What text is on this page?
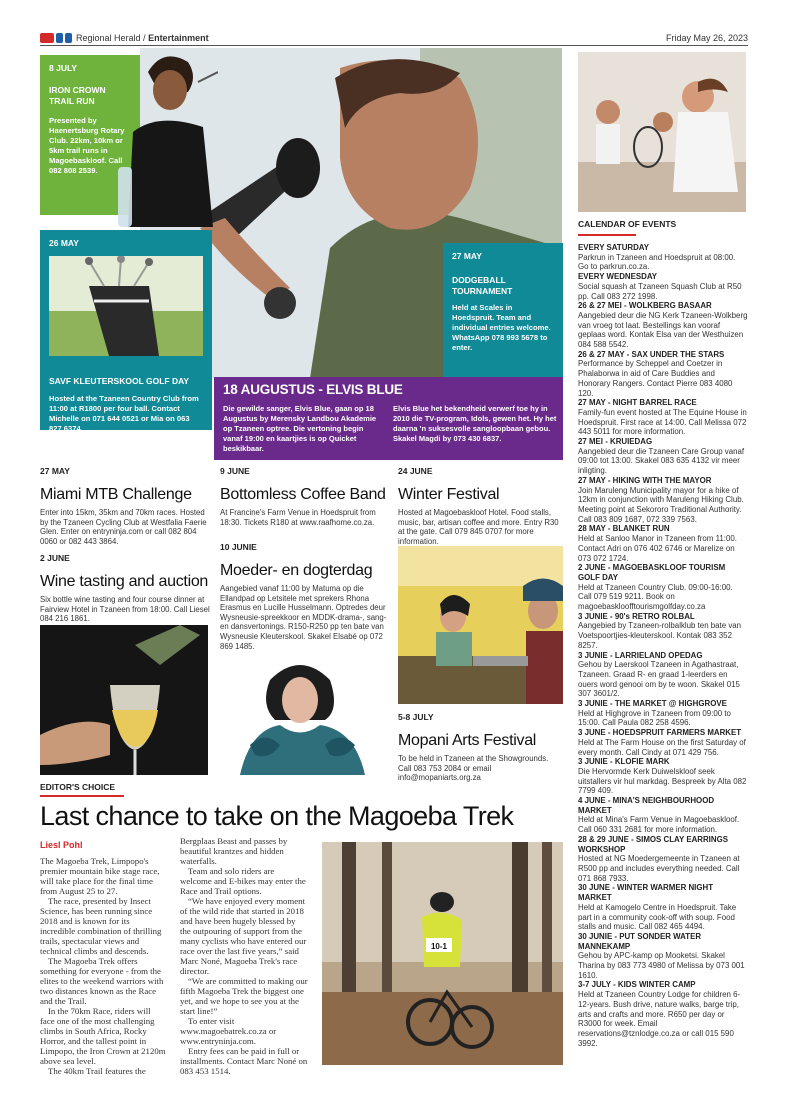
Regional Herald / Entertainment	Friday May 26, 2023
8 JULY
IRON CROWN TRAIL RUN
Presented by Haenertsburg Rotary Club. 22km, 10km or 5km trail runs in Magoebaskloof. Call 082 808 2539.
26 MAY
SAVF KLEUTERSKOOL GOLF DAY
Hosted at the Tzaneen Country Club from 11:00 at R1800 per four ball. Contact Michelle on 071 644 0521 or Mia on 063 827 6374.
27 MAY
DODGEBALL TOURNAMENT
Held at Scales in Hoedspruit. Team and individual entries welcome. WhatsApp 078 993 5678 to enter.
18 AUGUSTUS - ELVIS BLUE
Die gewilde sanger, Elvis Blue, gaan op 18 Augustus by Merensky Landbou Akademie op Tzaneen optree. Die vertoning begin vanaf 19:00 en kaartjies is op Quicket beskikbaar.
Elvis Blue het bekendheid verwerf toe hy in 2010 die TV-program, Idols, gewen het. Hy het daarna 'n suksesvolle sangloopbaan gebou. Skakel Magdi by 073 430 6837.
27 MAY
Miami MTB Challenge
Enter into 15km, 35km and 70km races. Hosted by the Tzaneen Cycling Club at Westfalia Faerie Glen. Enter on entryninja.com or call 082 804 0060 or 082 443 3864.
2 JUNE
Wine tasting and auction
Six bottle wine tasting and four course dinner at Fairview Hotel in Tzaneen from 18:00. Call Liesel 084 216 1861.
9 JUNE
Bottomless Coffee Band
At Francine's Farm Venue in Hoedspruit from 18:30. Tickets R180 at www.raafhome.co.za.
10 JUNIE
Moeder- en dogterdag
Aangebied vanaf 11:00 by Matuma op die Ellandpad op Letsitele met sprekers Rhona Erasmus en Lucille Husselmann. Optredes deur Wysneusie-spreekkoor en MDDK-drama-, sang- en dansvertonings. R150-R250 pp ten bate van Wysneusie Kleuterskool. Skakel Elsabé op 072 869 1485.
24 JUNE
Winter Festival
Hosted at Magoebaskloof Hotel. Food stalls, music, bar, artisan coffee and more. Entry R30 at the gate. Call 079 845 0707 for more information.
5-8 JULY
Mopani Arts Festival
To be held in Tzaneen at the Showgrounds. Call 083 753 2084 or email info@mopaniarts.org.za
CALENDAR OF EVENTS

EVERY SATURDAY
Parkrun in Tzaneen and Hoedspruit at 08:00. Go to parkrun.co.za.

EVERY WEDNESDAY
Social squash at Tzaneen Squash Club at R50 pp. Call 083 272 1998.

26 & 27 MEI - WOLKBERG BASAAR
Aangebied deur die NG Kerk Tzaneen-Wolkberg van vroeg tot laat. Bestellings kan vooraf geplaas word. Kontak Elsa van der Westhuizen 084 588 5542.

26 & 27 MAY - SAX UNDER THE STARS
Performance by Scheppel and Coetzer in Phalaborwa in aid of Care Buddies and Honorary Rangers. Contact Pierre 083 4080 120.

27 MAY - NIGHT BARREL RACE
Family-fun event hosted at The Equine House in Hoedspruit. First race at 14:00. Call Melissa 072 443 5011 for more information.

27 MEI - KRUIEDAG
Aangebied deur die Tzaneen Care Group vanaf 09:00 tot 13:00. Skakel 083 635 4132 vir meer inligting.

27 MAY - HIKING WITH THE MAYOR
Join Maruleng Municipality mayor for a hike of 12km in conjunction with Maruleng Hiking Club. Meeting point at Sekororo Traditional Authority. Call 083 809 1687, 072 339 7563.

28 MAY - BLANKET RUN
Held at Sanloo Manor in Tzaneen from 11:00. Contact Adri on 076 402 6746 or Marelize on 073 072 1724.

2 JUNE - MAGOEBASKLOOF TOURISM GOLF DAY
Held at Tzaneen Country Club. 09:00-16:00. Call 079 519 9211. Book on magoebaskloofftourismgolfday.co.za

3 JUNIE - 90's RETRO ROLBAL
Aangebied by Tzaneen-rolbalklub ten bate van Voetspoortjies-kleuterskool. Kontak 083 352 8257.

3 JUNIE - LARRIELAND OPEDAG
Gehou by Laerskool Tzaneen in Agathastraat, Tzaneen. Graad R- en graad 1-leerders en ouers word genooi om by te woon. Skakel 015 307 3601/2.

3 JUNIE - THE MARKET @ HIGHGROVE
Held at Highgrove in Tzaneen from 09:00 to 15:00. Call Paula 082 258 4596.

3 JUNE - HOEDSPRUIT FARMERS MARKET
Held at The Farm House on the first Saturday of every month. Call Cindy at 071 429 756.

3 JUNIE - KLOFIE MARK
Die Hervormde Kerk Duiwelskloof seek uitstallers vir hul markdag. Bespreek by Alta 082 7799 409.

4 JUNE - MINA'S NEIGHBOURHOOD MARKET
Held at Mina's Farm Venue in Magoebaskloof. Call 060 331 2681 for more information.

28 & 29 JUNE - SIMOS CLAY EARRINGS WORKSHOP
Hosted at NG Moedergemeente in Tzaneen at R500 pp and includes everything needed. Call 071 868 7933.

30 JUNE - WINTER WARMER NIGHT MARKET
Held at Kamogelo Centre in Hoedspruit. Take part in a community cook-off with soup. Food stalls and music. Call 082 465 4494.

30 JUNIE - PUT SONDER WATER MANNEKAMP
Gehou by APC-kamp op Mooketsi. Skakel Tharina by 083 773 4980 of Melissa by 073 001 1610.

3-7 JULY - KIDS WINTER CAMP
Held at Tzaneen Country Lodge for children 6-12-years. Bush drive, nature walks, barge trip, arts and crafts and more. R650 per day or R3000 for week. Email reservations@tznlodge.co.za or call 015 590 3992.

EDITOR'S CHOICE
Last chance to take on the Magoeba Trek
Liesl Pohl

The Magoeba Trek, Limpopo's premier mountain bike stage race, will take place for the final time from August 25 to 27.

The race, presented by Insect Science, has been running since 2018 and is known for its incredible combination of thrilling trails, spectacular views and technical climbs and descends.

The Magoeba Trek offers something for everyone - from the elites to the weekend warriors with two distances known as the Race and the Trail.

In the 70km Race, riders will face one of the most challenging climbs in South Africa, Rocky Horror, and the tallest point in Limpopo, the Iron Crown at 2120m above sea level.

The 40km Trail features the

Bergplaas Beast and passes by beautiful krantzes and hidden waterfalls.

Team and solo riders are welcome and E-bikes may enter the Race and Trail options.

“We have enjoyed every moment of the wild ride that started in 2018 and have been hugely blessed by the outpouring of support from the many cyclists who have entered our race over the last five years,” said Marc Noné, Magoeba Trek's race director.

“We are committed to making our fifth Magoeba Trek the biggest one yet, and we hope to see you at the start line!”

To enter visit www.magoebatrek.co.za or www.entryninja.com.

Entry fees can be paid in full or installments. Contact Marc Noné on 083 453 1514.

10-1
